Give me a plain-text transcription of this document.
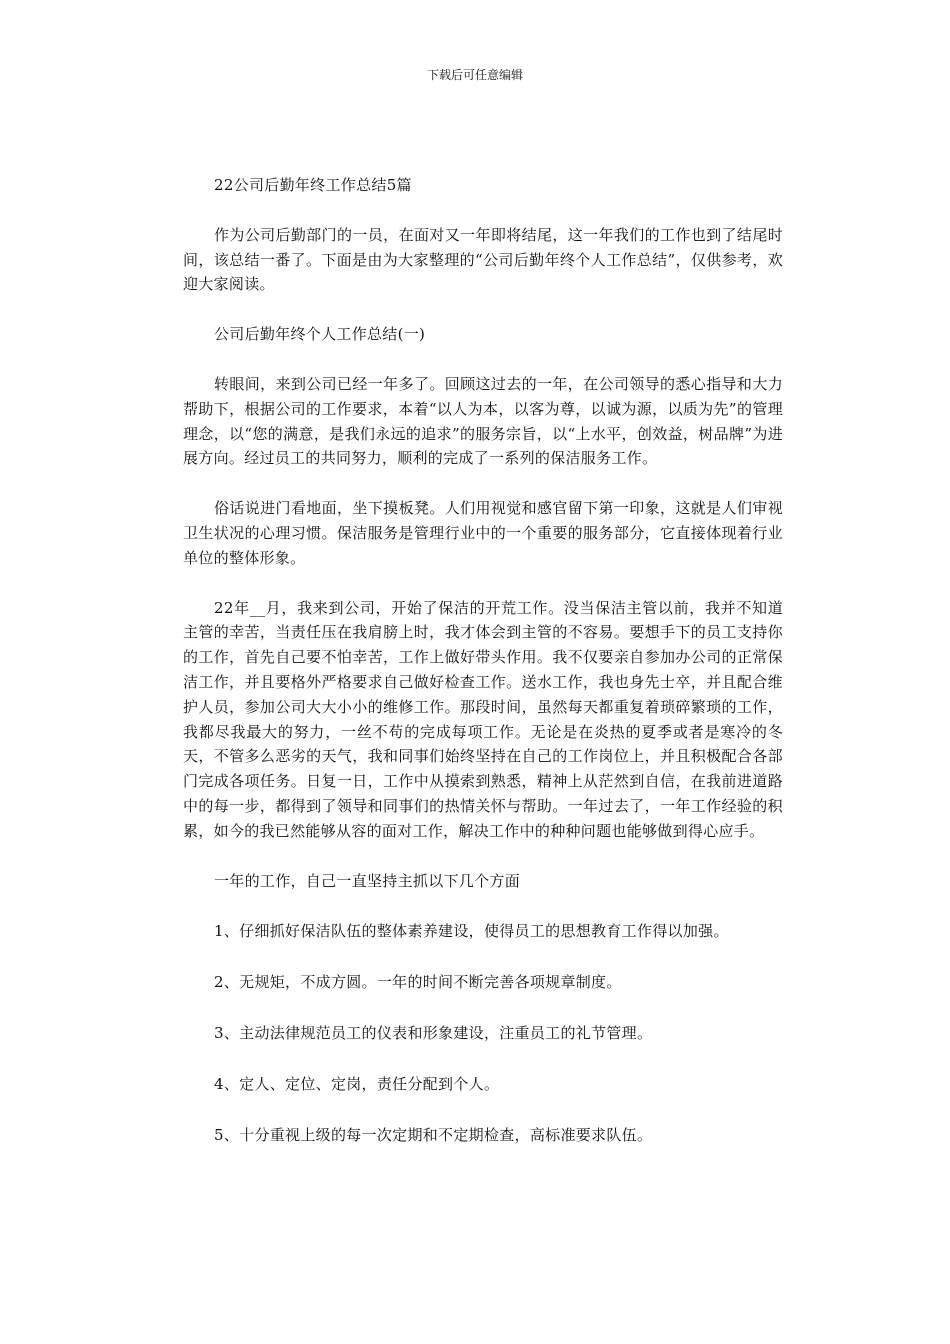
下载后可任意编辑

22公司后勤年终工作总结5篇

作为公司后勤部门的一员，在面对又一年即将结尾，这一年我们的工作也到了结尾时间，该总结一番了。下面是由为大家整理的“公司后勤年终个人工作总结”，仅供参考，欢迎大家阅读。

公司后勤年终个人工作总结(一)

转眼间，来到公司已经一年多了。回顾这过去的一年，在公司领导的悉心指导和大力帮助下，根据公司的工作要求，本着“以人为本，以客为尊，以诚为源，以质为先”的管理理念，以“您的满意，是我们永远的追求”的服务宗旨，以“上水平，创效益，树品牌”为进展方向。经过员工的共同努力，顺利的完成了一系列的保洁服务工作。

俗话说进门看地面，坐下摸板凳。人们用视觉和感官留下第一印象，这就是人们审视卫生状况的心理习惯。保洁服务是管理行业中的一个重要的服务部分，它直接体现着行业单位的整体形象。

22年__月，我来到公司，开始了保洁的开荒工作。没当保洁主管以前，我并不知道主管的幸苦，当责任压在我肩膀上时，我才体会到主管的不容易。要想手下的员工支持你的工作，首先自己要不怕幸苦，工作上做好带头作用。我不仅要亲自参加办公司的正常保洁工作，并且要格外严格要求自己做好检查工作。送水工作，我也身先士卒，并且配合维护人员，参加公司大大小小的维修工作。那段时间，虽然每天都重复着琐碎繁琐的工作，我都尽我最大的努力，一丝不苟的完成每项工作。无论是在炎热的夏季或者是寒冷的冬天，不管多么恶劣的天气，我和同事们始终坚持在自己的工作岗位上，并且积极配合各部门完成各项任务。日复一日，工作中从摸索到熟悉，精神上从茫然到自信，在我前进道路中的每一步，都得到了领导和同事们的热情关怀与帮助。一年过去了，一年工作经验的积累，如今的我已然能够从容的面对工作，解决工作中的种种问题也能够做到得心应手。

一年的工作，自己一直坚持主抓以下几个方面

1、仔细抓好保洁队伍的整体素养建设，使得员工的思想教育工作得以加强。

2、无规矩，不成方圆。一年的时间不断完善各项规章制度。

3、主动法律规范员工的仪表和形象建设，注重员工的礼节管理。

4、定人、定位、定岗，责任分配到个人。

5、十分重视上级的每一次定期和不定期检查，高标准要求队伍。
